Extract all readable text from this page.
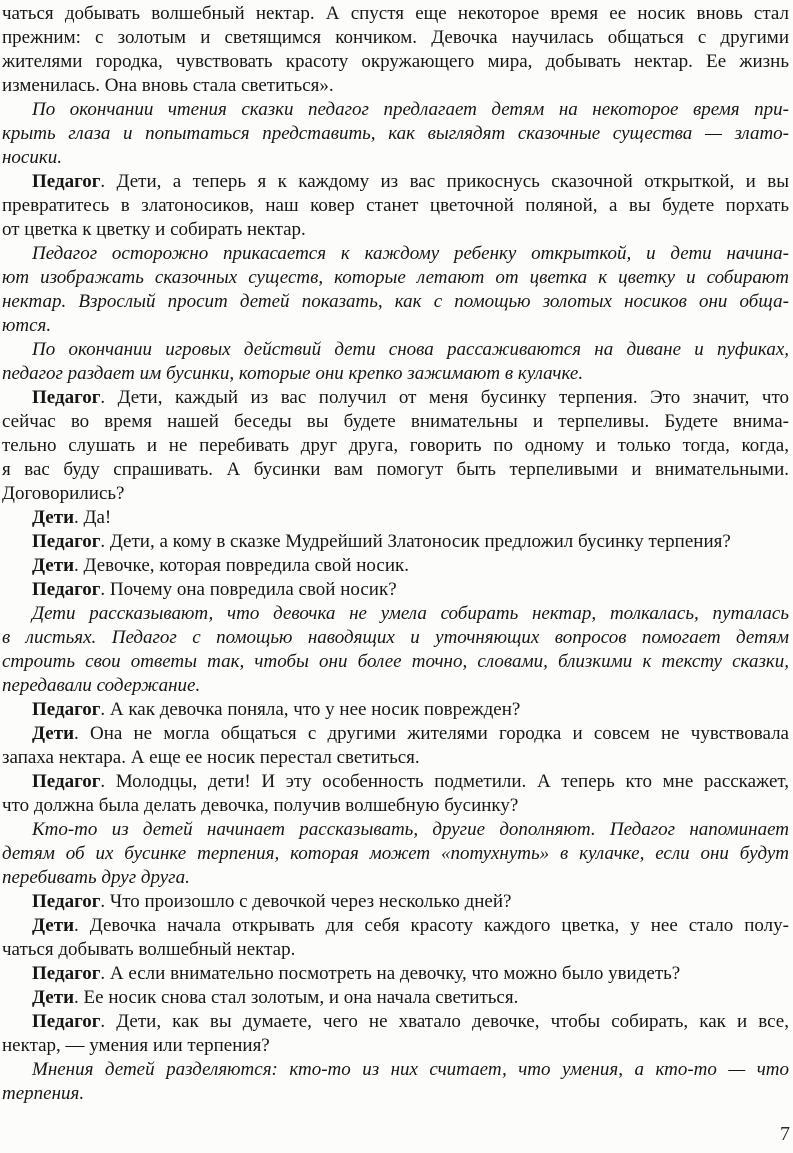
чаться добывать волшебный нектар. А спустя еще некоторое время ее носик вновь стал
прежним: с золотым и светящимся кончиком. Девочка научилась общаться с другими
жителями городка, чувствовать красоту окружающего мира, добывать нектар. Ее жизнь
изменилась. Она вновь стала светиться».
По окончании чтения сказки педагог предлагает детям на некоторое время при-
крыть глаза и попытаться представить, как выглядят сказочные существа — злато-
носики.
Педагог. Дети, а теперь я к каждому из вас прикоснусь сказочной открыткой, и вы
превратитесь в златоносиков, наш ковер станет цветочной поляной, а вы будете порхать
от цветка к цветку и собирать нектар.
Педагог осторожно прикасается к каждому ребенку открыткой, и дети начина-
ют изображать сказочных существ, которые летают от цветка к цветку и собирают
нектар. Взрослый просит детей показать, как с помощью золотых носиков они обща-
ются.
По окончании игровых действий дети снова рассаживаются на диване и пуфиках,
педагог раздает им бусинки, которые они крепко зажимают в кулачке.
Педагог. Дети, каждый из вас получил от меня бусинку терпения. Это значит, что
сейчас во время нашей беседы вы будете внимательны и терпеливы. Будете внима-
тельно слушать и не перебивать друг друга, говорить по одному и только тогда, когда,
я вас буду спрашивать. А бусинки вам помогут быть терпеливыми и внимательными.
Договорились?
Дети. Да!
Педагог. Дети, а кому в сказке Мудрейший Златоносик предложил бусинку терпения?
Дети. Девочке, которая повредила свой носик.
Педагог. Почему она повредила свой носик?
Дети рассказывают, что девочка не умела собирать нектар, толкалась, путалась
в листьях. Педагог с помощью наводящих и уточняющих вопросов помогает детям
строить свои ответы так, чтобы они более точно, словами, близкими к тексту сказки,
передавали содержание.
Педагог. А как девочка поняла, что у нее носик поврежден?
Дети. Она не могла общаться с другими жителями городка и совсем не чувствовала
запаха нектара. А еще ее носик перестал светиться.
Педагог. Молодцы, дети! И эту особенность подметили. А теперь кто мне расскажет,
что должна была делать девочка, получив волшебную бусинку?
Кто-то из детей начинает рассказывать, другие дополняют. Педагог напоминает
детям об их бусинке терпения, которая может «потухнуть» в кулачке, если они будут
перебивать друг друга.
Педагог. Что произошло с девочкой через несколько дней?
Дети. Девочка начала открывать для себя красоту каждого цветка, у нее стало полу-
чаться добывать волшебный нектар.
Педагог. А если внимательно посмотреть на девочку, что можно было увидеть?
Дети. Ее носик снова стал золотым, и она начала светиться.
Педагог. Дети, как вы думаете, чего не хватало девочке, чтобы собирать, как и все,
нектар, — умения или терпения?
Мнения детей разделяются: кто-то из них считает, что умения, а кто-то — что
терпения.
7
